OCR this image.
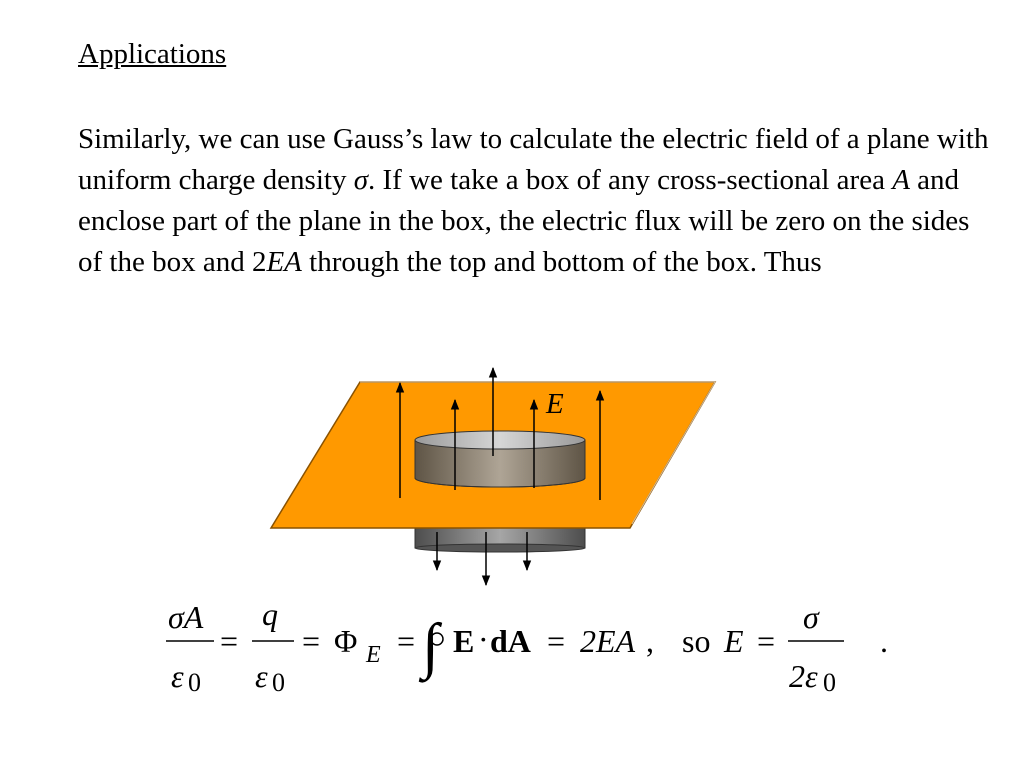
Applications

Similarly, we can use Gauss’s law to calculate the electric field of a plane with uniform charge density σ. If we take a box of any cross-sectional area A and enclose part of the plane in the box, the electric flux will be zero on the sides of the box and 2EA through the top and bottom of the box. Thus

E
σA
ε 0
=
q
ε 0
= Φ E = ∫ E · dA = 2EA , so E =
σ
2ε 0
.
